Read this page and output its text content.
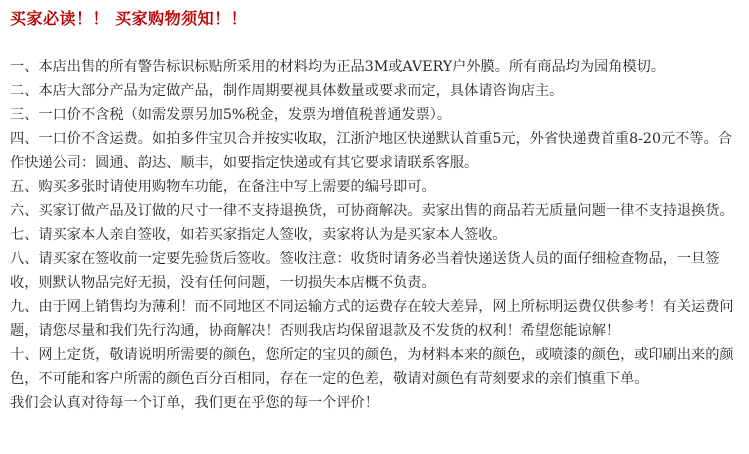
买家必读！！ 买家购物须知！！

一、本店出售的所有警告标识标贴所采用的材料均为正品3M或AVERY户外膜。所有商品均为园角模切。

二、本店大部分产品为定做产品，制作周期要视具体数量或要求而定，具体请咨询店主。

三、一口价不含税（如需发票另加5%税金，发票为增值税普通发票）。

四、一口价不含运费。如拍多件宝贝合并按实收取，江浙沪地区快递默认首重5元，外省快递费首重8-20元不等。合作快递公司：圆通、韵达、顺丰，如要指定快递或有其它要求请联系客服。

五、购买多张时请使用购物车功能，在备注中写上需要的编号即可。

六、买家订做产品及订做的尺寸一律不支持退换货，可协商解决。卖家出售的商品若无质量问题一律不支持退换货。

七、请买家本人亲自签收，如若买家指定人签收，卖家将认为是买家本人签收。

八、请买家在签收前一定要先验货后签收。签收注意：收货时请务必当着快递送货人员的面仔细检查物品，一旦签收，则默认物品完好无损，没有任何问题，一切损失本店概不负责。

九、由于网上销售均为薄利！而不同地区不同运输方式的运费存在较大差异，网上所标明运费仅供参考！有关运费问题，请您尽量和我们先行沟通，协商解决！否则我店均保留退款及不发货的权利！希望您能谅解！

十、网上定货，敬请说明所需要的颜色，您所定的宝贝的颜色，为材料本来的颜色，或喷漆的颜色，或印刷出来的颜色，不可能和客户所需的颜色百分百相同，存在一定的色差，敬请对颜色有苛刻要求的亲们慎重下单。

我们会认真对待每一个订单，我们更在乎您的每一个评价！
